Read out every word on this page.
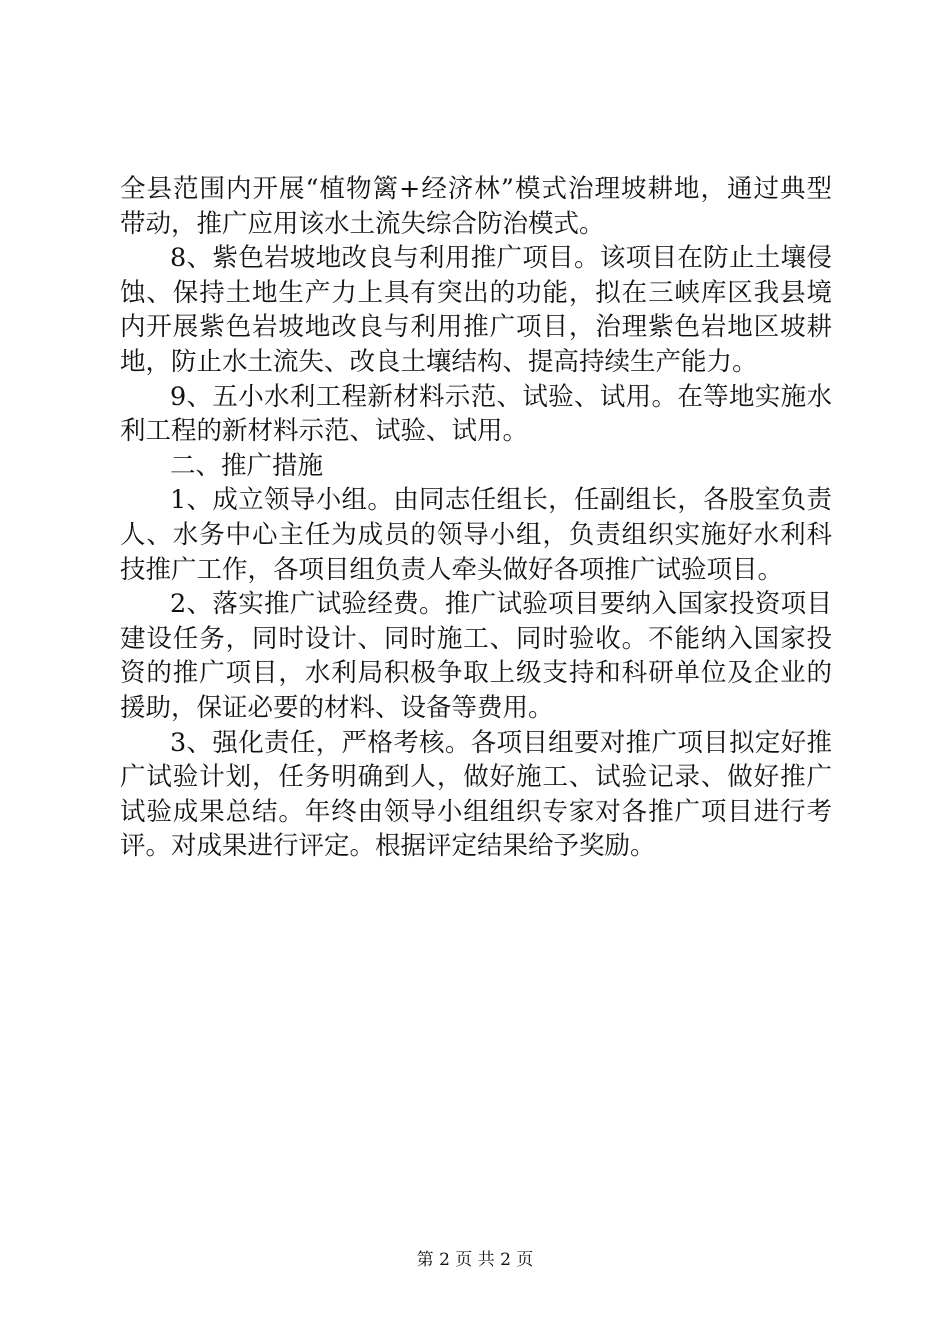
全县范围内开展“植物篱+经济林”模式治理坡耕地，通过典型
带动，推广应用该水土流失综合防治模式。
8、紫色岩坡地改良与利用推广项目。该项目在防止土壤侵
蚀、保持土地生产力上具有突出的功能，拟在三峡库区我县境
内开展紫色岩坡地改良与利用推广项目，治理紫色岩地区坡耕
地，防止水土流失、改良土壤结构、提高持续生产能力。
9、五小水利工程新材料示范、试验、试用。在等地实施水
利工程的新材料示范、试验、试用。
二、推广措施
1、成立领导小组。由同志任组长，任副组长，各股室负责
人、水务中心主任为成员的领导小组，负责组织实施好水利科
技推广工作，各项目组负责人牵头做好各项推广试验项目。
2、落实推广试验经费。推广试验项目要纳入国家投资项目
建设任务，同时设计、同时施工、同时验收。不能纳入国家投
资的推广项目，水利局积极争取上级支持和科研单位及企业的
援助，保证必要的材料、设备等费用。
3、强化责任，严格考核。各项目组要对推广项目拟定好推
广试验计划，任务明确到人，做好施工、试验记录、做好推广
试验成果总结。年终由领导小组组织专家对各推广项目进行考
评。对成果进行评定。根据评定结果给予奖励。
第 2 页 共 2 页
